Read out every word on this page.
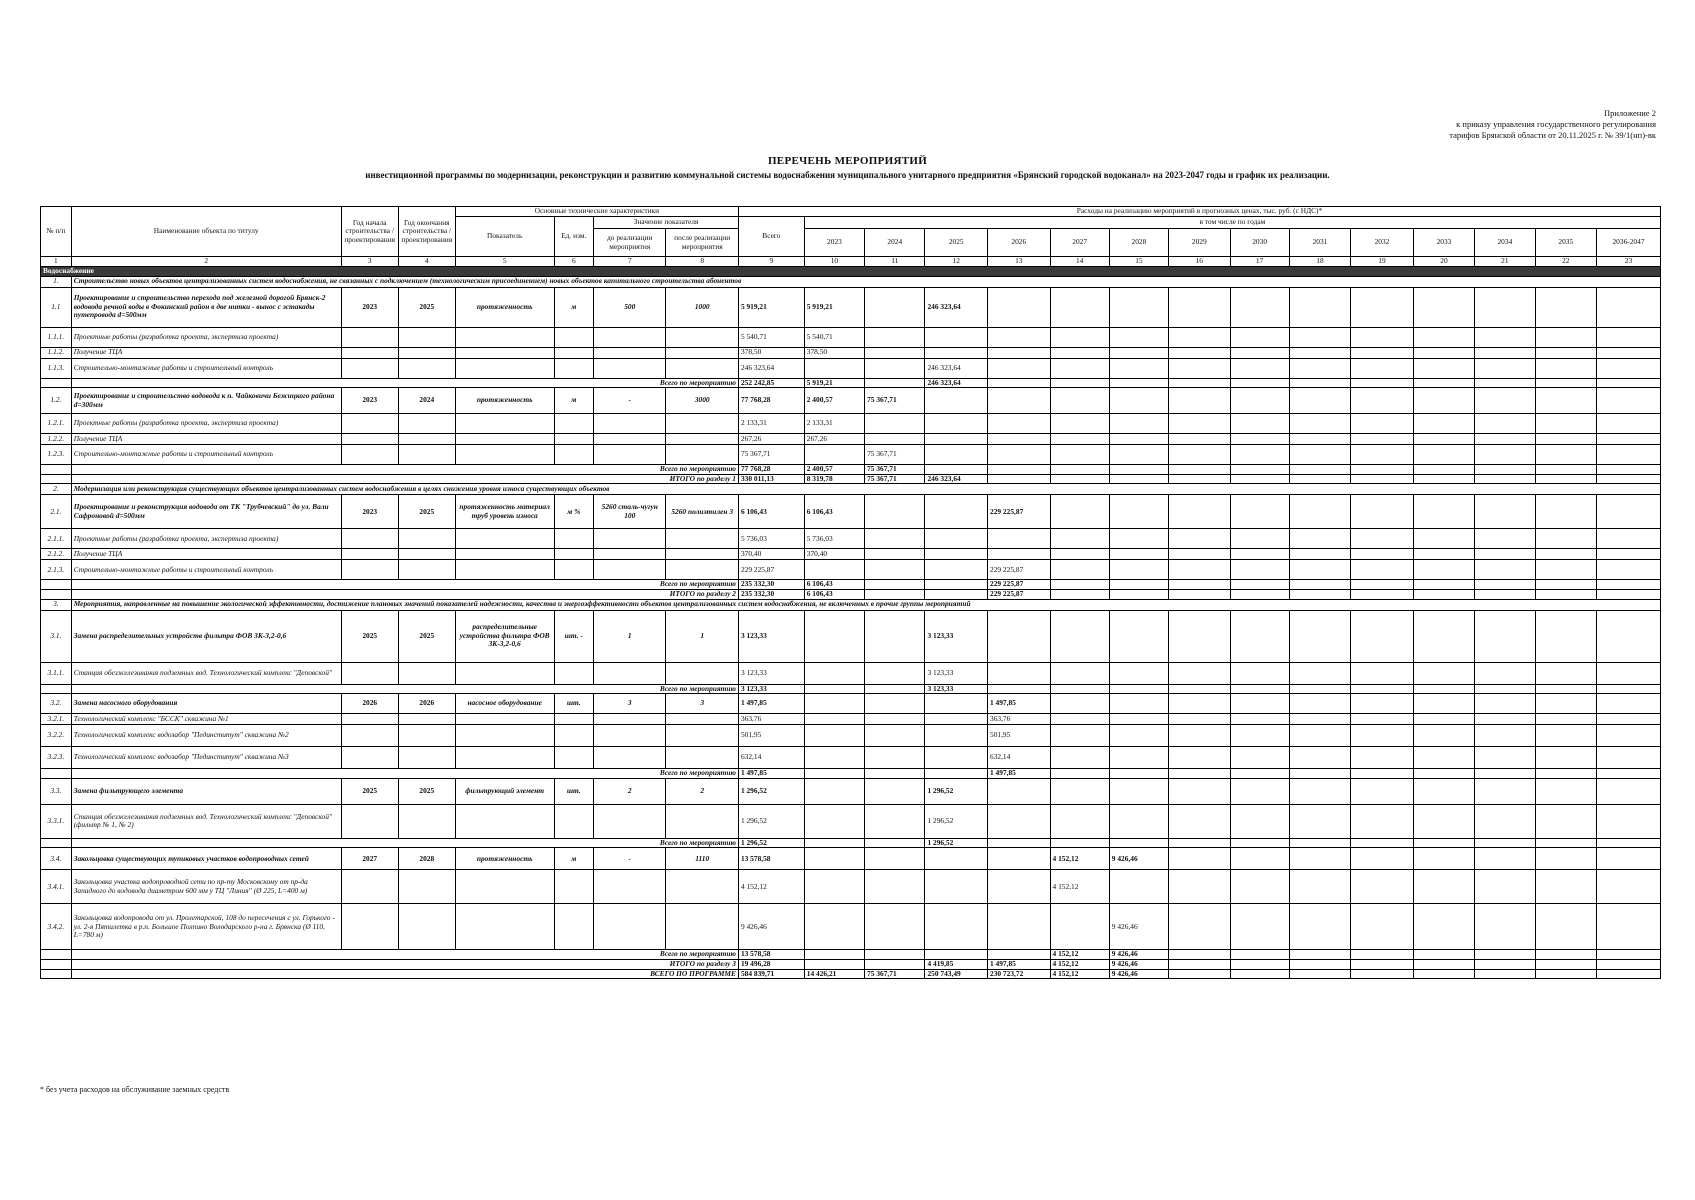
Приложение 2
к приказу управления государственного регулирования
тарифов Брянской области от 20.11.2025 г. № 39/1(нп)-вк
ПЕРЕЧЕНЬ МЕРОПРИЯТИЙ
инвестиционной программы по модернизации, реконструкции и развитию коммунальной системы водоснабжения муниципального унитарного предприятия «Брянский городской водоканал» на 2023-2047 годы и график их реализации.
№ п/п	Наименование объекта по титулу	Год начала строительства /проектирования	Год окончания строительства /проектирования	Основные технические характеристики				Расходы на реализацию мероприятий в прогнозных ценах, тыс. руб. (с НДС)*														
				Показатель	Ед. изм.	Значение показателя		Всего	в том числе по годам													
						до реализации мероприятия	после реализации мероприятия		2023	2024	2025	2026	2027	2028	2029	2030	2031	2032	2033	2034	2035	2036-2047
1	2	3	4	5	6	7	8	9	10	11	12	13	14	15	16	17	18	19	20	21	22	23
Водоснабжение																						
1.	Строительство новых объектов централизованных систем водоснабжения, не связанных с подключением (технологическим присоединением) новых объектов капитального строительства абонентов																					
1.1	Проектирование и строительство перехода под железной дорогой Брянск-2 водовода речной воды в Фокинский район в две нитки - вынос с эстакады путепровода d=500мм	2023	2025	протяженность	м	500	1000	5 919,21	5 919,21		246 323,64											
1.1.1.	Проектные работы (разработка проекта, экспертиза проекта)							5 540,71	5 540,71													
1.1.2.	Получение ТЦА							378,50	378,50													
1.1.3.	Строительно-монтажные работы и строительный контроль							246 323,64			246 323,64											
	Всего по мероприятию							252 242,85	5 919,21		246 323,64											
1.2.	Проектирование и строительство водовода к п. Чайковичи Бежицкого района d=300мм	2023	2024	протяженность	м	-	3000	77 768,28	2 400,57	75 367,71												
1.2.1.	Проектные работы (разработка проекта, экспертиза проекта)							2 133,31	2 133,31													
1.2.2.	Получение ТЦА							267,26	267,26													
1.2.3.	Строительно-монтажные работы и строительный контроль							75 367,71		75 367,71												
	Всего по мероприятию							77 768,28	2 400,57	75 367,71												
	ИТОГО по разделу 1							330 011,13	8 319,78	75 367,71	246 323,64											
2.	Модернизация или реконструкция существующих объектов централизованных систем водоснабжения в целях снижения уровня износа существующих объектов																					
2.1.	Проектирование и реконструкция водовода от ТК "Трубчевский" до ул. Вали Сафроновой d=500мм	2023	2025	протяженность материал труб уровень износа	м %	5260 сталь-чугун 100	5260 полиэтилен 3	6 106,43	6 106,43			229 225,87										
2.1.1.	Проектные работы (разработка проекта, экспертиза проекта)							5 736,03	5 736,03													
2.1.2.	Получение ТЦА							370,40	370,40													
2.1.3.	Строительно-монтажные работы и строительный контроль							229 225,87				229 225,87										
	Всего по мероприятию							235 332,30	6 106,43			229 225,87										
	ИТОГО по разделу 2							235 332,30	6 106,43			229 225,87										
3.	Мероприятия, направленные на повышение экологической эффективности, достижение плановых значений показателей надежности, качества и энергоэффективности объектов централизованных систем водоснабжения, не включенных в прочие группы мероприятий																					
3.1.	Замена распределительных устройств фильтра ФОВ 3К-3,2-0,6	2025	2025	распределительные устройства фильтра ФОВ 3К-3,2-0,6	шт. -	1	1	3 123,33			3 123,33											
3.1.1.	Станция обезжелезивания подземных вод. Технологический комплекс "Деповской"							3 123,33			3 123,33											
	Всего по мероприятию							3 123,33			3 123,33											
3.2.	Замена насосного оборудования	2026	2026	насосное оборудование	шт.	3	3	1 497,85				1 497,85										
3.2.1.	Технологический комплекс "БССК" скважина №1							363,76				363,76										
3.2.2.	Технологический комплекс водозабор "Пединститут" скважина №2							501,95				501,95										
3.2.3.	Технологический комплекс водозабор "Пединститут" скважина №3							632,14				632,14										
	Всего по мероприятию							1 497,85				1 497,85										
3.3.	Замена фильтрующего элемента	2025	2025	фильтрующий элемент	шт.	2	2	1 296,52			1 296,52											
3.3.1.	Станция обезжелезивания подземных вод. Технологический комплекс "Деповской" (фильтр № 1, № 2)							1 296,52			1 296,52											
	Всего по мероприятию							1 296,52			1 296,52											
3.4.	Закольцовка существующих тупиковых участков водопроводных сетей	2027	2028	протяженность	м	-	1110	13 578,58					4 152,12	9 426,46								
3.4.1.	Закольцовка участка водопроводной сети по пр-ту Московскому от пр-да Западного до водовода диаметром 600 мм у ТЦ "Линия" (Ø 225, L=400 м)							4 152,12					4 152,12									
3.4.2.	Закольцовка водопровода от ул. Пролетарской, 108 до пересечения с ул. Горького - ул. 2-я Пятилетка в р.п. Большое Полпино Володарского р-на г. Брянска (Ø 110, L=780 м)							9 426,46						9 426,46								
	Всего по мероприятию							13 578,58					4 152,12	9 426,46								
	ИТОГО по разделу 3							19 496,28			4 419,85	1 497,85	4 152,12	9 426,46								
	ВСЕГО ПО ПРОГРАММЕ							584 839,71	14 426,21	75 367,71	250 743,49	230 723,72	4 152,12	9 426,46								
* без учета расходов на обслуживание заемных средств
